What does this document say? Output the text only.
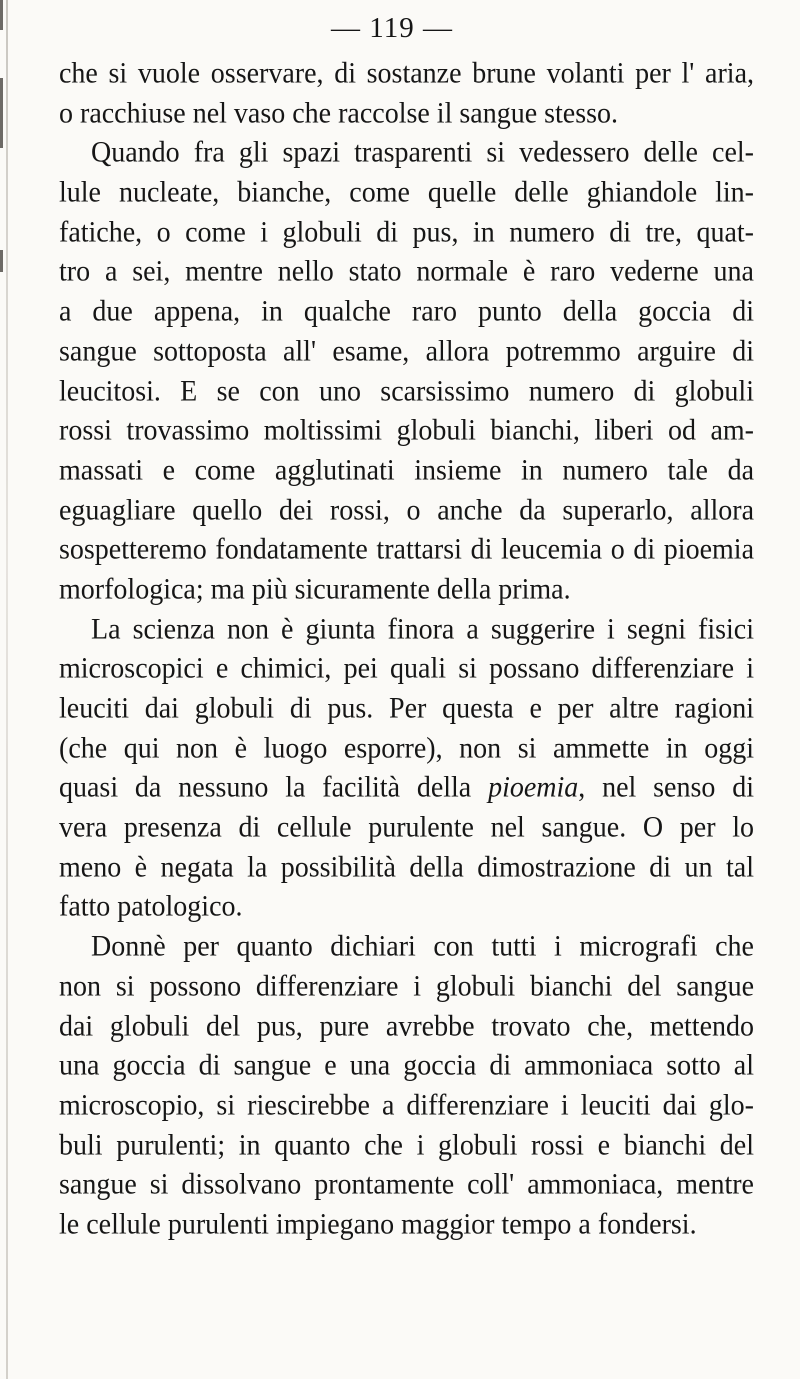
— 119 —
che si vuole osservare, di sostanze brune volanti per l' aria,
o racchiuse nel vaso che raccolse il sangue stesso.
Quando fra gli spazi trasparenti si vedessero delle cel-
lule nucleate, bianche, come quelle delle ghiandole lin-
fatiche, o come i globuli di pus, in numero di tre, quat-
tro a sei, mentre nello stato normale è raro vederne una
a due appena, in qualche raro punto della goccia di
sangue sottoposta all' esame, allora potremmo arguire di
leucitosi. E se con uno scarsissimo numero di globuli
rossi trovassimo moltissimi globuli bianchi, liberi od am-
massati e come agglutinati insieme in numero tale da
eguagliare quello dei rossi, o anche da superarlo, allora
sospetteremo fondatamente trattarsi di leucemia o di pioemia
morfologica; ma più sicuramente della prima.
La scienza non è giunta finora a suggerire i segni fisici
microscopici e chimici, pei quali si possano differenziare i
leuciti dai globuli di pus. Per questa e per altre ragioni
(che qui non è luogo esporre), non si ammette in oggi
quasi da nessuno la facilità della pioemia, nel senso di
vera presenza di cellule purulente nel sangue. O per lo
meno è negata la possibilità della dimostrazione di un tal
fatto patologico.
Donnè per quanto dichiari con tutti i micrografi che
non si possono differenziare i globuli bianchi del sangue
dai globuli del pus, pure avrebbe trovato che, mettendo
una goccia di sangue e una goccia di ammoniaca sotto al
microscopio, si riescirebbe a differenziare i leuciti dai glo-
buli purulenti; in quanto che i globuli rossi e bianchi del
sangue si dissolvano prontamente coll' ammoniaca, mentre
le cellule purulenti impiegano maggior tempo a fondersi.
